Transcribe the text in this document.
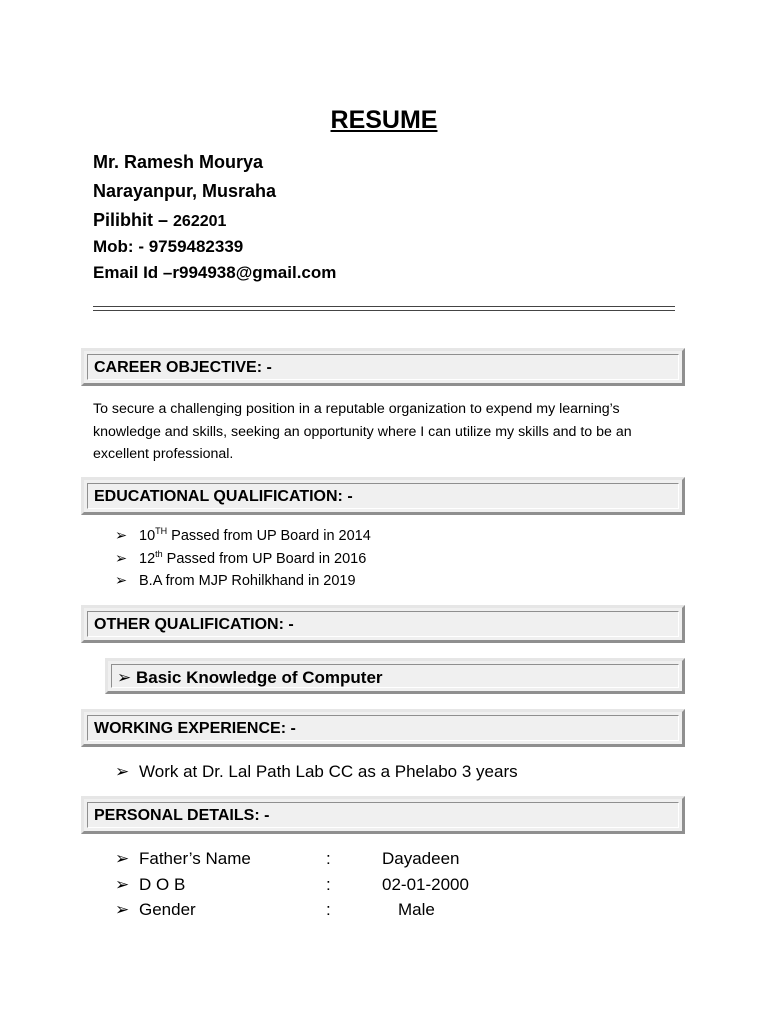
RESUME
Mr. Ramesh Mourya
Narayanpur, Musraha
Pilibhit – 262201
Mob: - 9759482339
Email Id –r994938@gmail.com
CAREER OBJECTIVE: -
To secure a challenging position in a reputable organization to expend my learning’s knowledge and skills, seeking an opportunity where I can utilize my skills and to be an excellent professional.
EDUCATIONAL QUALIFICATION: -
➢ 10TH Passed from UP Board in 2014
➢ 12th Passed from UP Board in 2016
➢ B.A from MJP Rohilkhand in 2019
OTHER QUALIFICATION: -
➢ Basic Knowledge of Computer
WORKING EXPERIENCE: -
➢ Work at Dr. Lal Path Lab CC as a Phelabo 3 years
PERSONAL DETAILS: -
➢ Father’s Name	:	Dayadeen
➢ D O B	:	02-01-2000
➢ Gender	:	Male
